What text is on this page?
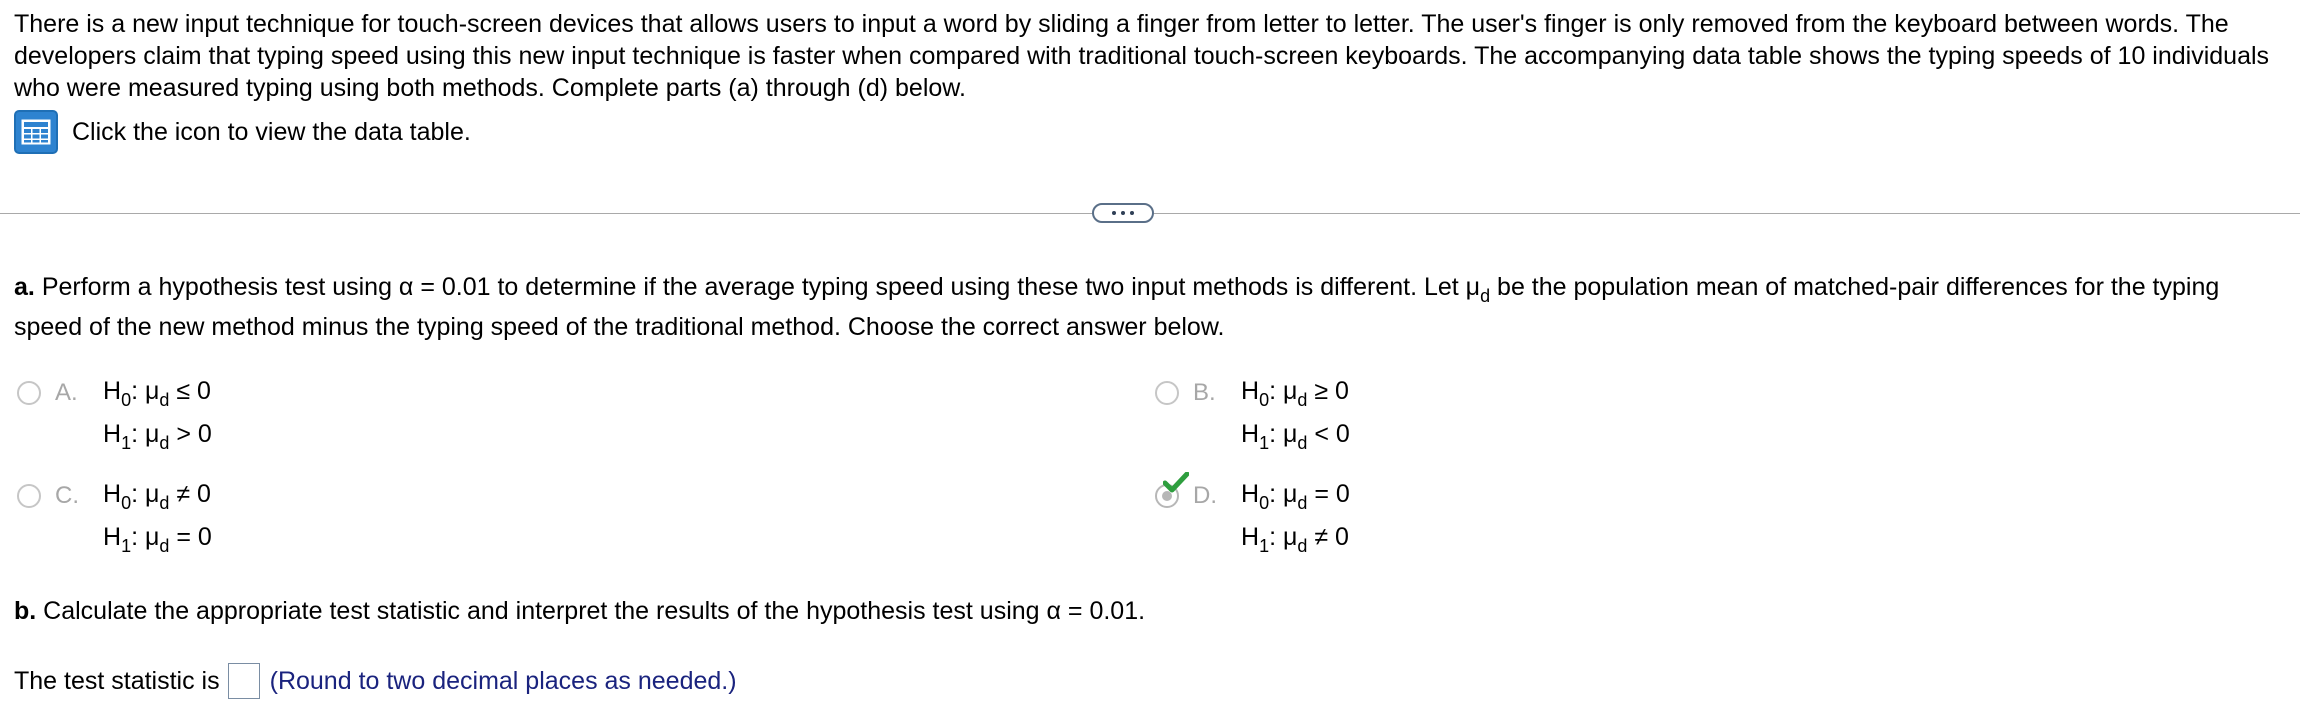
There is a new input technique for touch-screen devices that allows users to input a word by sliding a finger from letter to letter. The user's finger is only removed from the keyboard between words. The developers claim that typing speed using this new input technique is faster when compared with traditional touch-screen keyboards. The accompanying data table shows the typing speeds of 10 individuals who were measured typing using both methods. Complete parts (a) through (d) below.
Click the icon to view the data table.
a. Perform a hypothesis test using α = 0.01 to determine if the average typing speed using these two input methods is different. Let $\mu_d$ be the population mean of matched-pair differences for the typing speed of the new method minus the typing speed of the traditional method. Choose the correct answer below.
A. $H_0$: $\mu_d \le 0$
$H_1$: $\mu_d > 0$
B. $H_0$: $\mu_d \ge 0$
$H_1$: $\mu_d < 0$
C. $H_0$: $\mu_d \ne 0$
$H_1$: $\mu_d = 0$
D. $H_0$: $\mu_d = 0$
$H_1$: $\mu_d \ne 0$
b. Calculate the appropriate test statistic and interpret the results of the hypothesis test using α = 0.01.
The test statistic is (Round to two decimal places as needed.)
